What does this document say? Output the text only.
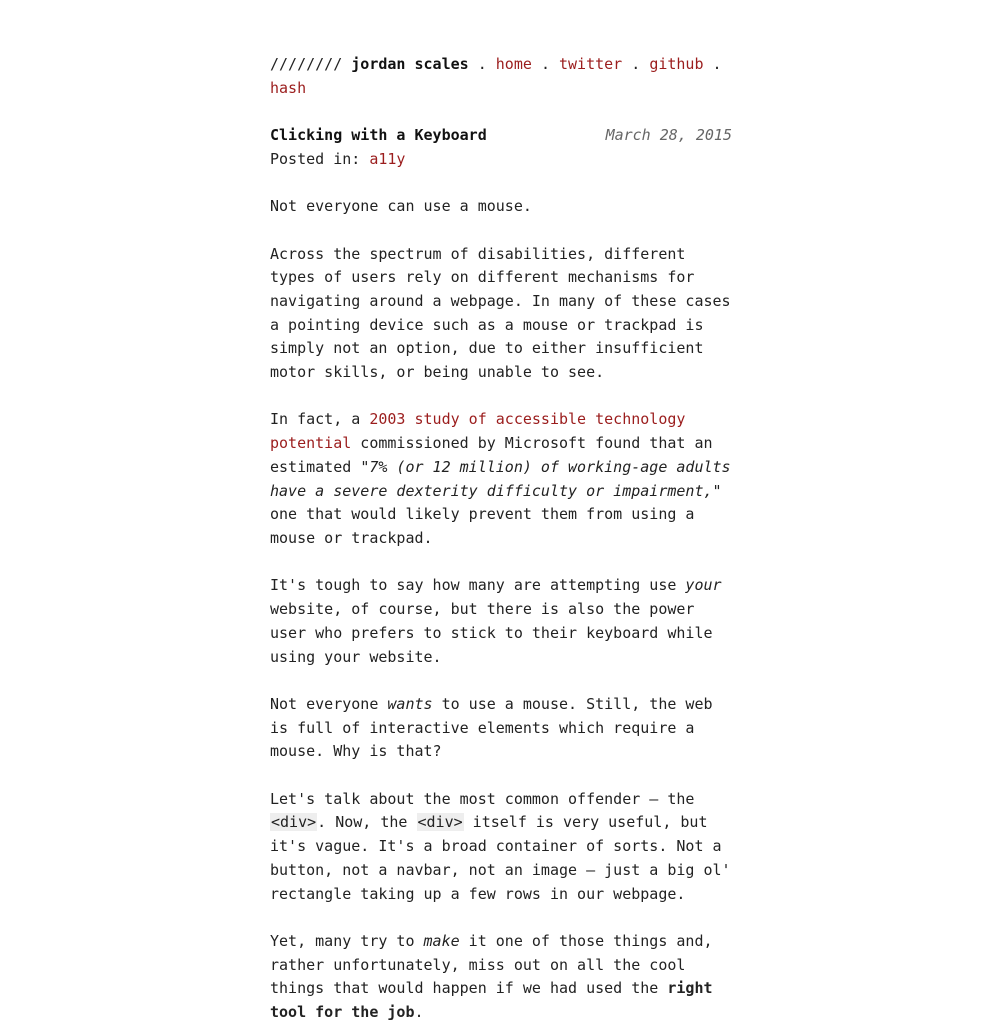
//////// jordan scales . home . twitter . github . hash
Clicking with a Keyboard	March 28, 2015
Posted in: a11y

Not everyone can use a mouse.

Across the spectrum of disabilities, different types of users rely on different mechanisms for navigating around a webpage. In many of these cases a pointing device such as a mouse or trackpad is simply not an option, due to either insufficient motor skills, or being unable to see.

In fact, a 2003 study of accessible technology potential commissioned by Microsoft found that an estimated "7% (or 12 million) of working-age adults have a severe dexterity difficulty or impairment," one that would likely prevent them from using a mouse or trackpad.

It's tough to say how many are attempting use your website, of course, but there is also the power user who prefers to stick to their keyboard while using your website.

Not everyone wants to use a mouse. Still, the web is full of interactive elements which require a mouse. Why is that?

Let's talk about the most common offender – the <div>. Now, the <div> itself is very useful, but it's vague. It's a broad container of sorts. Not a button, not a navbar, not an image – just a big ol' rectangle taking up a few rows in our webpage.

Yet, many try to make it one of those things and, rather unfortunately, miss out on all the cool things that would happen if we had used the right tool for the job.
